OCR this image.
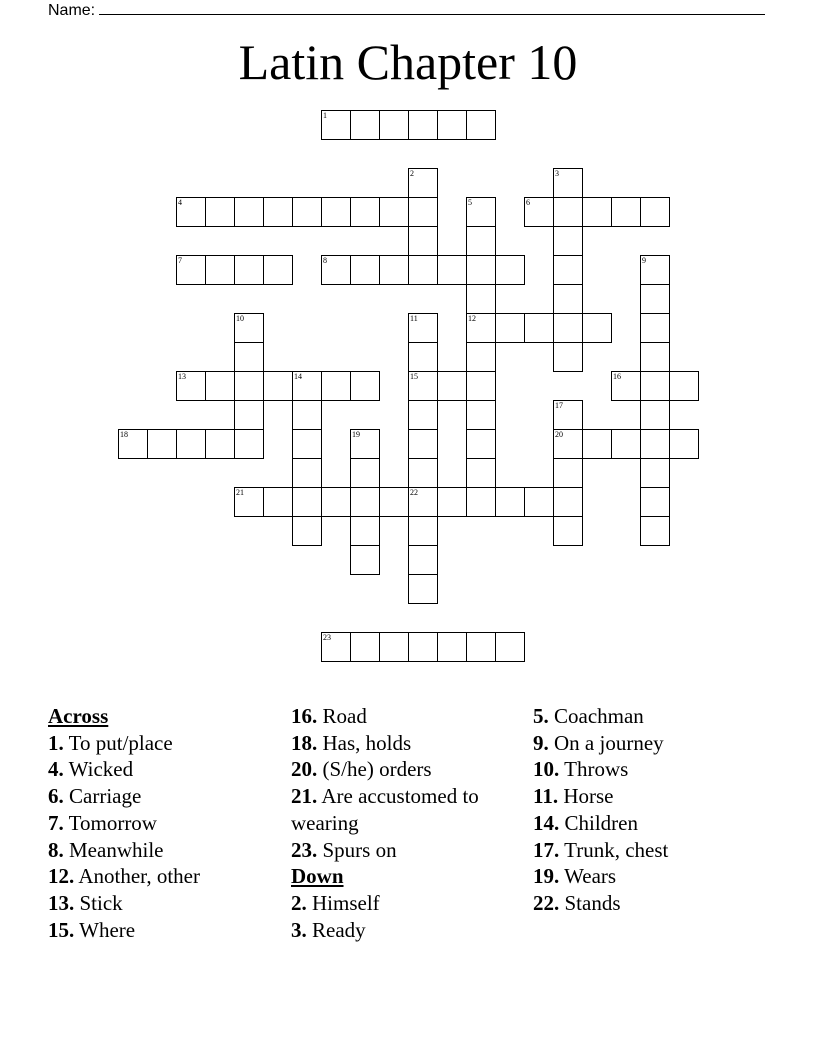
Name:
Latin Chapter 10
1
2	3
4	5
12
6
7	8	9
10	11
15
13	14	16
17
20
18	19
21	22
23
Across
1. To put/place
4. Wicked
6. Carriage
7. Tomorrow
8. Meanwhile
12. Another, other
13. Stick
15. Where
16. Road
18. Has, holds
20. (S/he) orders
21. Are accustomed to wearing
23. Spurs on
Down
2. Himself
3. Ready
5. Coachman
9. On a journey
10. Throws
11. Horse
14. Children
17. Trunk, chest
19. Wears
22. Stands
